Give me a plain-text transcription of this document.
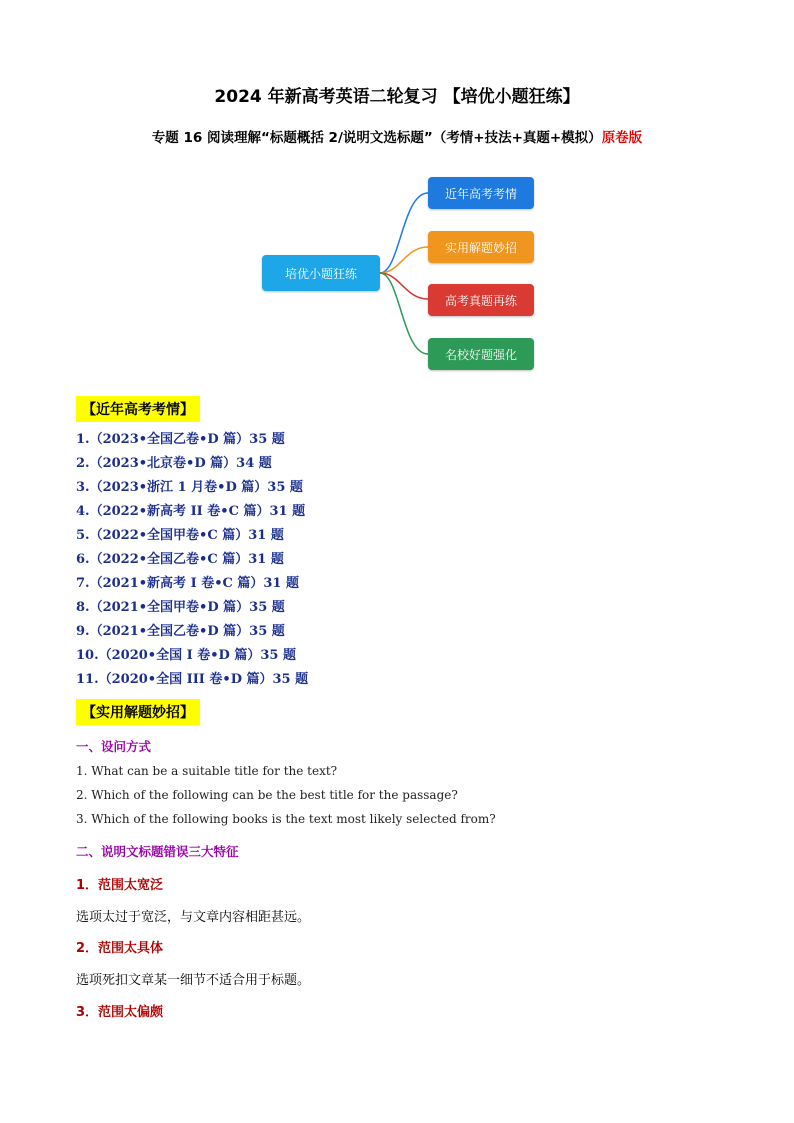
2024 年新高考英语二轮复习 【培优小题狂练】
专题 16 阅读理解“标题概括 2/说明文选标题”（考情+技法+真题+模拟）原卷版
培优小题狂练
近年高考考情
实用解题妙招
高考真题再练
名校好题强化
【近年高考考情】
1.（2023•全国乙卷•D 篇）35 题
2.（2023•北京卷•D 篇）34 题
3.（2023•浙江 1 月卷•D 篇）35 题
4.（2022•新高考 II 卷•C 篇）31 题
5.（2022•全国甲卷•C 篇）31 题
6.（2022•全国乙卷•C 篇）31 题
7.（2021•新高考 I 卷•C 篇）31 题
8.（2021•全国甲卷•D 篇）35 题
9.（2021•全国乙卷•D 篇）35 题
10.（2020•全国 I 卷•D 篇）35 题
11.（2020•全国 III 卷•D 篇）35 题
【实用解题妙招】
一、设问方式
1. What can be a suitable title for the text?
2. Which of the following can be the best title for the passage?
3. Which of the following books is the text most likely selected from?
二、说明文标题错误三大特征
1．范围太宽泛
选项太过于宽泛，与文章内容相距甚远。
2．范围太具体
选项死扣文章某一细节不适合用于标题。
3．范围太偏颇
